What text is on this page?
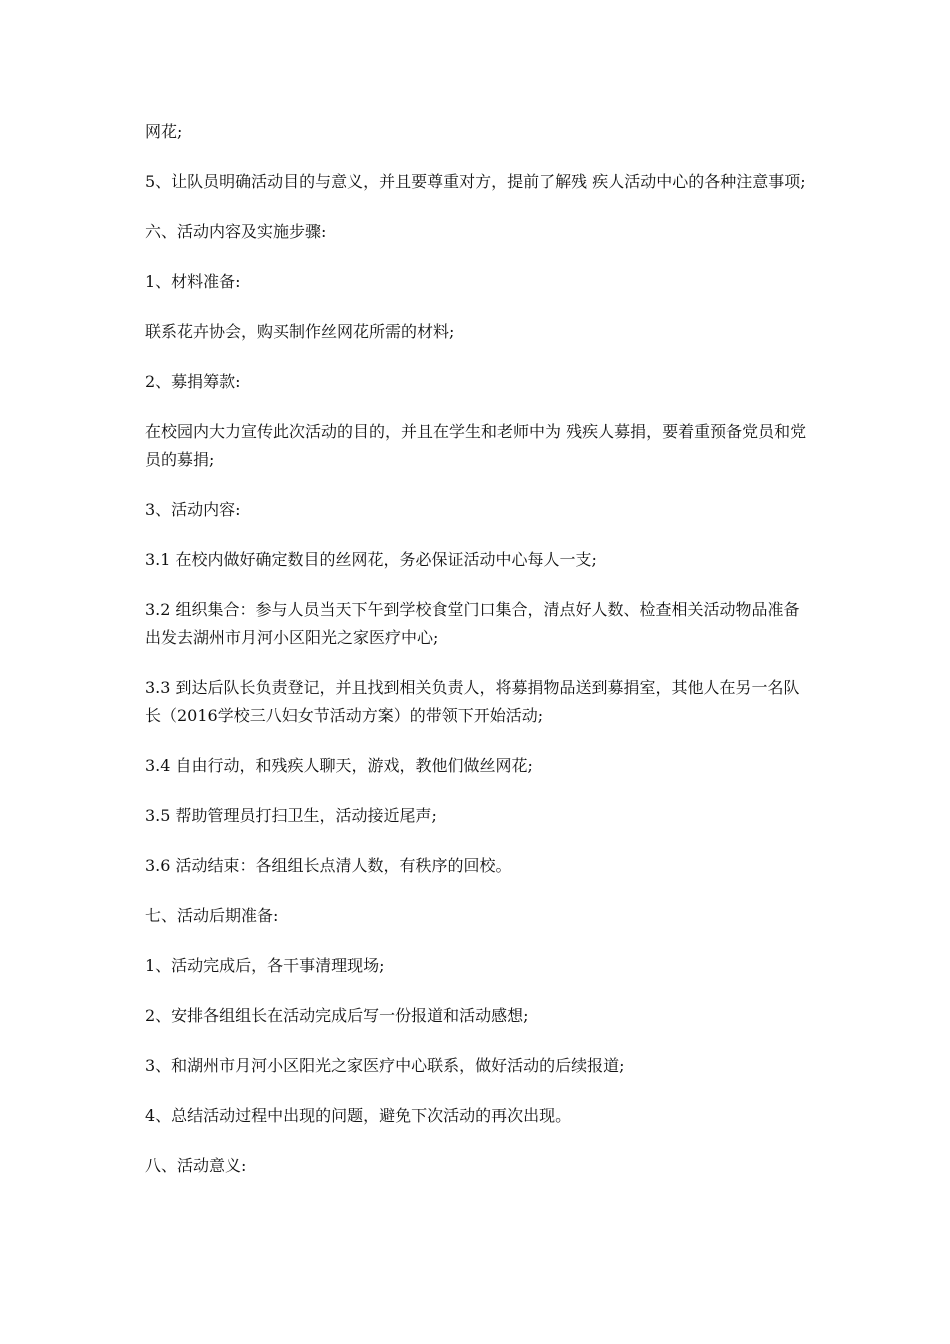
网花;

5、让队员明确活动目的与意义，并且要尊重对方，提前了解残 疾人活动中心的各种注意事项;

六、活动内容及实施步骤:

1、材料准备:

联系花卉协会，购买制作丝网花所需的材料;

2、募捐筹款:

在校园内大力宣传此次活动的目的，并且在学生和老师中为 残疾人募捐，要着重预备党员和党员的募捐;

3、活动内容:

3.1 在校内做好确定数目的丝网花，务必保证活动中心每人一支;

3.2 组织集合：参与人员当天下午到学校食堂门口集合，清点好人数、检查相关活动物品准备出发去湖州市月河小区阳光之家医疗中心;

3.3 到达后队长负责登记，并且找到相关负责人，将募捐物品送到募捐室，其他人在另一名队长（2016学校三八妇女节活动方案）的带领下开始活动;

3.4 自由行动，和残疾人聊天，游戏，教他们做丝网花;

3.5 帮助管理员打扫卫生，活动接近尾声;

3.6 活动结束：各组组长点清人数，有秩序的回校。

七、活动后期准备:

1、活动完成后，各干事清理现场;

2、安排各组组长在活动完成后写一份报道和活动感想;

3、和湖州市月河小区阳光之家医疗中心联系，做好活动的后续报道;

4、总结活动过程中出现的问题，避免下次活动的再次出现。

八、活动意义:
